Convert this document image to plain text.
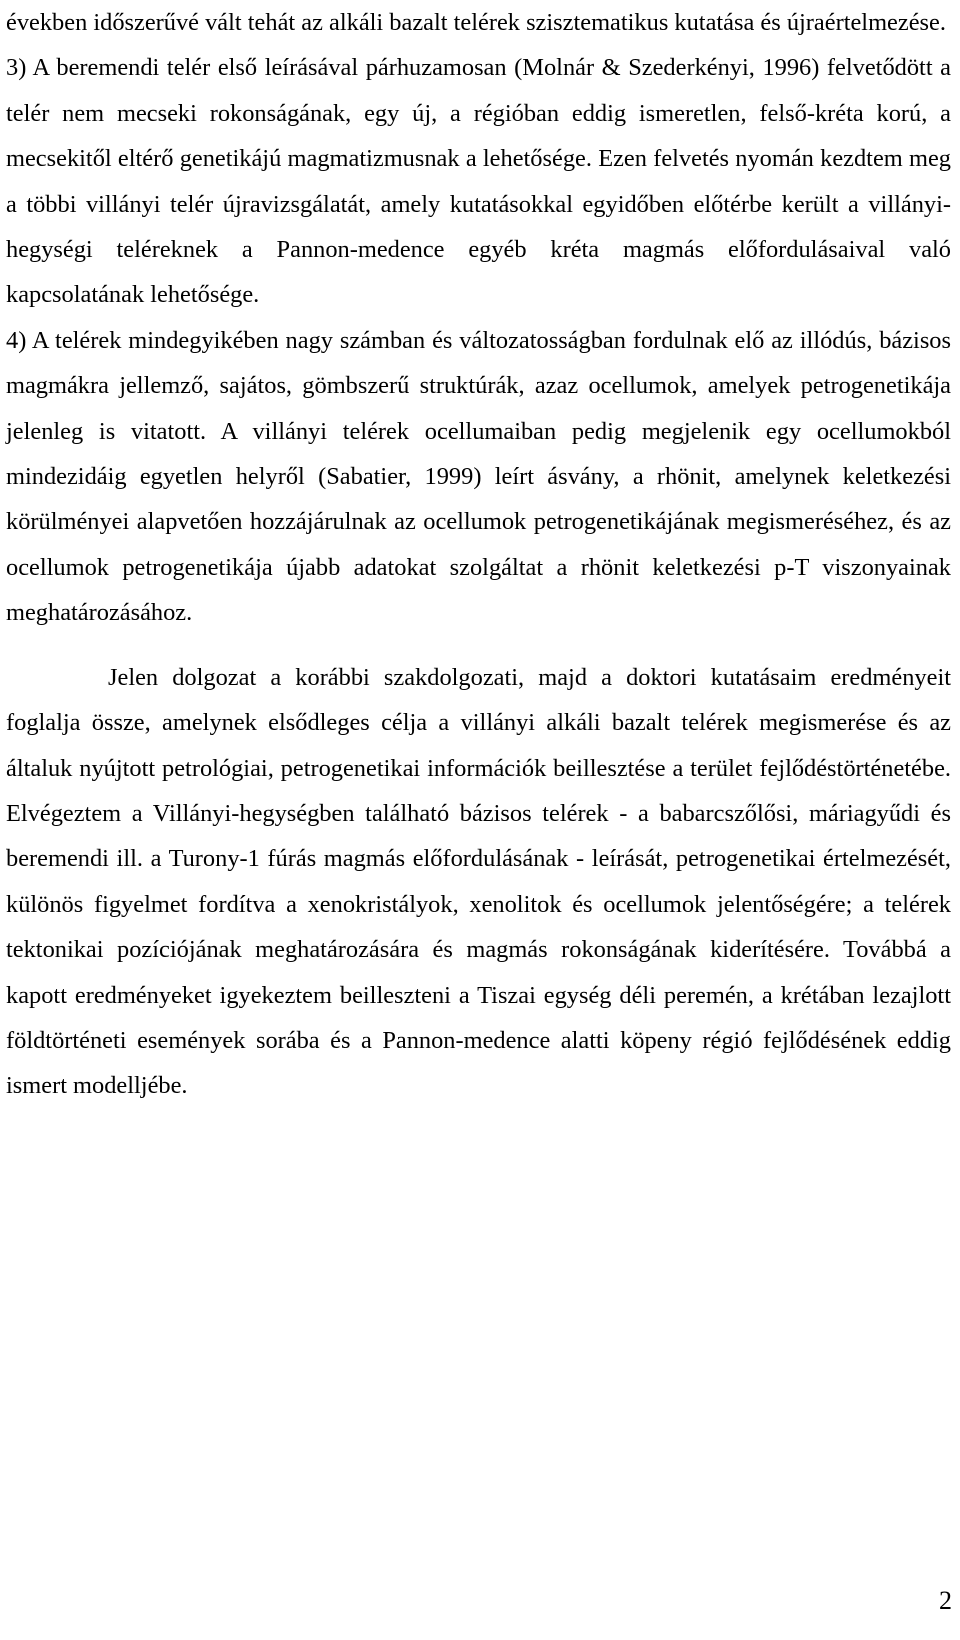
években időszerűvé vált tehát az alkáli bazalt telérek szisztematikus kutatása és újraértelmezése.
3) A beremendi telér első leírásával párhuzamosan (Molnár & Szederkényi, 1996) felvetődött a telér nem mecseki rokonságának, egy új, a régióban eddig ismeretlen, felső-kréta korú, a mecsekitől eltérő genetikájú magmatizmusnak a lehetősége. Ezen felvetés nyomán kezdtem meg a többi villányi telér újravizsgálatát, amely kutatásokkal egyidőben előtérbe került a villányi-hegységi teléreknek a Pannon-medence egyéb kréta magmás előfordulásaival való kapcsolatának lehetősége.
4) A telérek mindegyikében nagy számban és változatosságban fordulnak elő az illódús, bázisos magmákra jellemző, sajátos, gömbszerű struktúrák, azaz ocellumok, amelyek petrogenetikája jelenleg is vitatott. A villányi telérek ocellumaiban pedig megjelenik egy ocellumokból mindezidáig egyetlen helyről (Sabatier, 1999) leírt ásvány, a rhönit, amelynek keletkezési körülményei alapvetően hozzájárulnak az ocellumok petrogenetikájának megismeréséhez, és az ocellumok petrogenetikája újabb adatokat szolgáltat a rhönit keletkezési p-T viszonyainak meghatározásához.

Jelen dolgozat a korábbi szakdolgozati, majd a doktori kutatásaim eredményeit foglalja össze, amelynek elsődleges célja a villányi alkáli bazalt telérek megismerése és az általuk nyújtott petrológiai, petrogenetikai információk beillesztése a terület fejlődéstörténetébe. Elvégeztem a Villányi-hegységben található bázisos telérek - a babarcszőlősi, máriagyűdi és beremendi ill. a Turony-1 fúrás magmás előfordulásának - leírását, petrogenetikai értelmezését, különös figyelmet fordítva a xenokristályok, xenolitok és ocellumok jelentőségére; a telérek tektonikai pozíciójának meghatározására és magmás rokonságának kiderítésére. Továbbá a kapott eredményeket igyekeztem beilleszteni a Tiszai egység déli peremén, a krétában lezajlott földtörténeti események sorába és a Pannon-medence alatti köpeny régió fejlődésének eddig ismert modelljébe.

2
